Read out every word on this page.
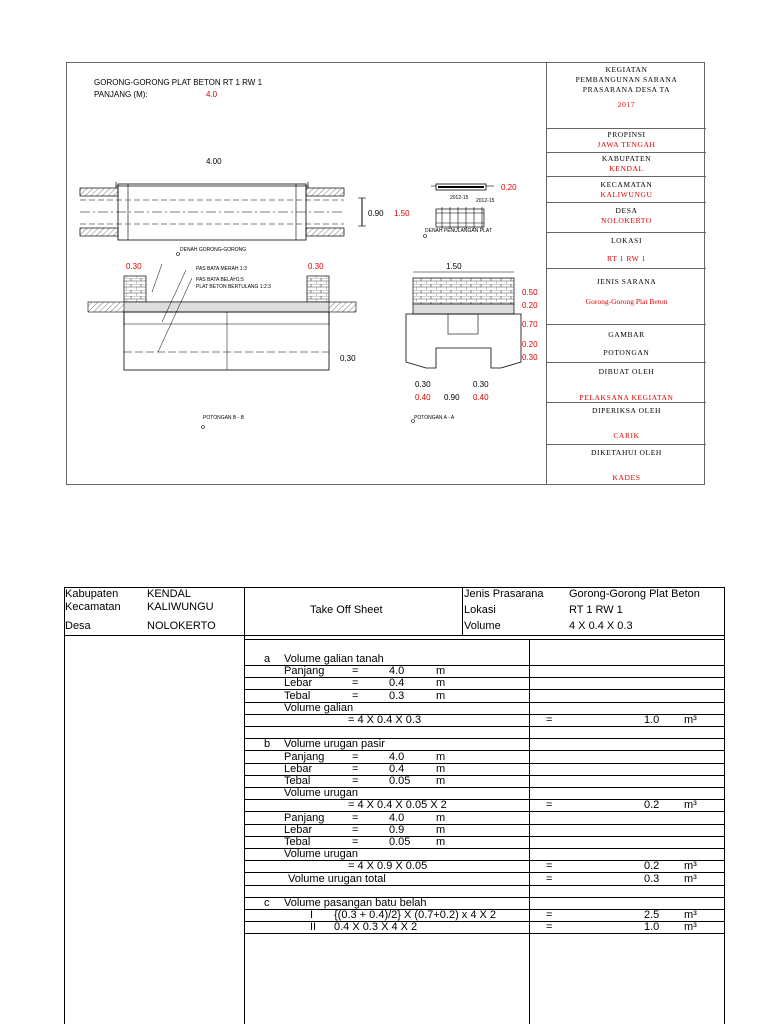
GORONG-GORONG PLAT BETON RT 1 RW 1
PANJANG (M):	4.0
4.00
0.90 1.50
DENAH GORONG-GORONG
0.20
2012-15 2012-15
DENAH PENULANGAN PLAT
0.30	0.30
PAS BATA MERAH 1:3
PAS BATA BELAH1:5
PLAT BETON BERTULANG 1:2:3
0.30
POTONGAN B - B
1.50
0.50
0.20
0.70
0.20
0.30
0.30	0.30
0.40 0.90 0.40
POTONGAN A - A
KEGIATAN
PEMBANGUNAN SARANA
PRASARANA DESA TA
2017
PROPINSI
JAWA TENGAH
KABUPATEN
KENDAL
KECAMATAN
KALIWUNGU
DESA
NOLOKERTO
LOKASI
RT 1 RW 1
JENIS SARANA
Gorong-Gorong Plat Beton
GAMBAR
POTONGAN
DIBUAT OLEH
PELAKSANA KEGIATAN
DIPERIKSA OLEH
CARIK
DIKETAHUI OLEH
KADES
Kabupaten	KENDAL
Kecamatan KALIWUNGU
Desa	NOLOKERTO
Take Off Sheet
Jenis Prasarana Gorong-Gorong Plat Beton
Lokasi	RT 1 RW 1
Volume	4 X 0.4 X 0.3
a Volume galian tanah
Panjang	=	4.0	m
Lebar	=	0.4	m
Tebal	=	0.3	m
Volume galian
= 4 X 0.4 X 0.3	=	1.0 m³
b Volume urugan pasir
Panjang	=	4.0	m
Lebar	=	0.4	m
Tebal	=	0.05 m
Volume urugan
= 4 X 0.4 X 0.05 X 2	=	0.2 m³
Panjang	=	4.0	m
Lebar	=	0.9	m
Tebal	=	0.05 m
Volume urugan
= 4 X 0.9 X 0.05	=	0.2 m³
Volume urugan total	=	0.3 m³
c Volume pasangan batu belah
I {(0.3 + 0.4)/2} X (0.7+0.2) x 4 X 2	=	2.5 m³
II 0.4 X 0.3 X 4 X 2	=	1.0 m³
